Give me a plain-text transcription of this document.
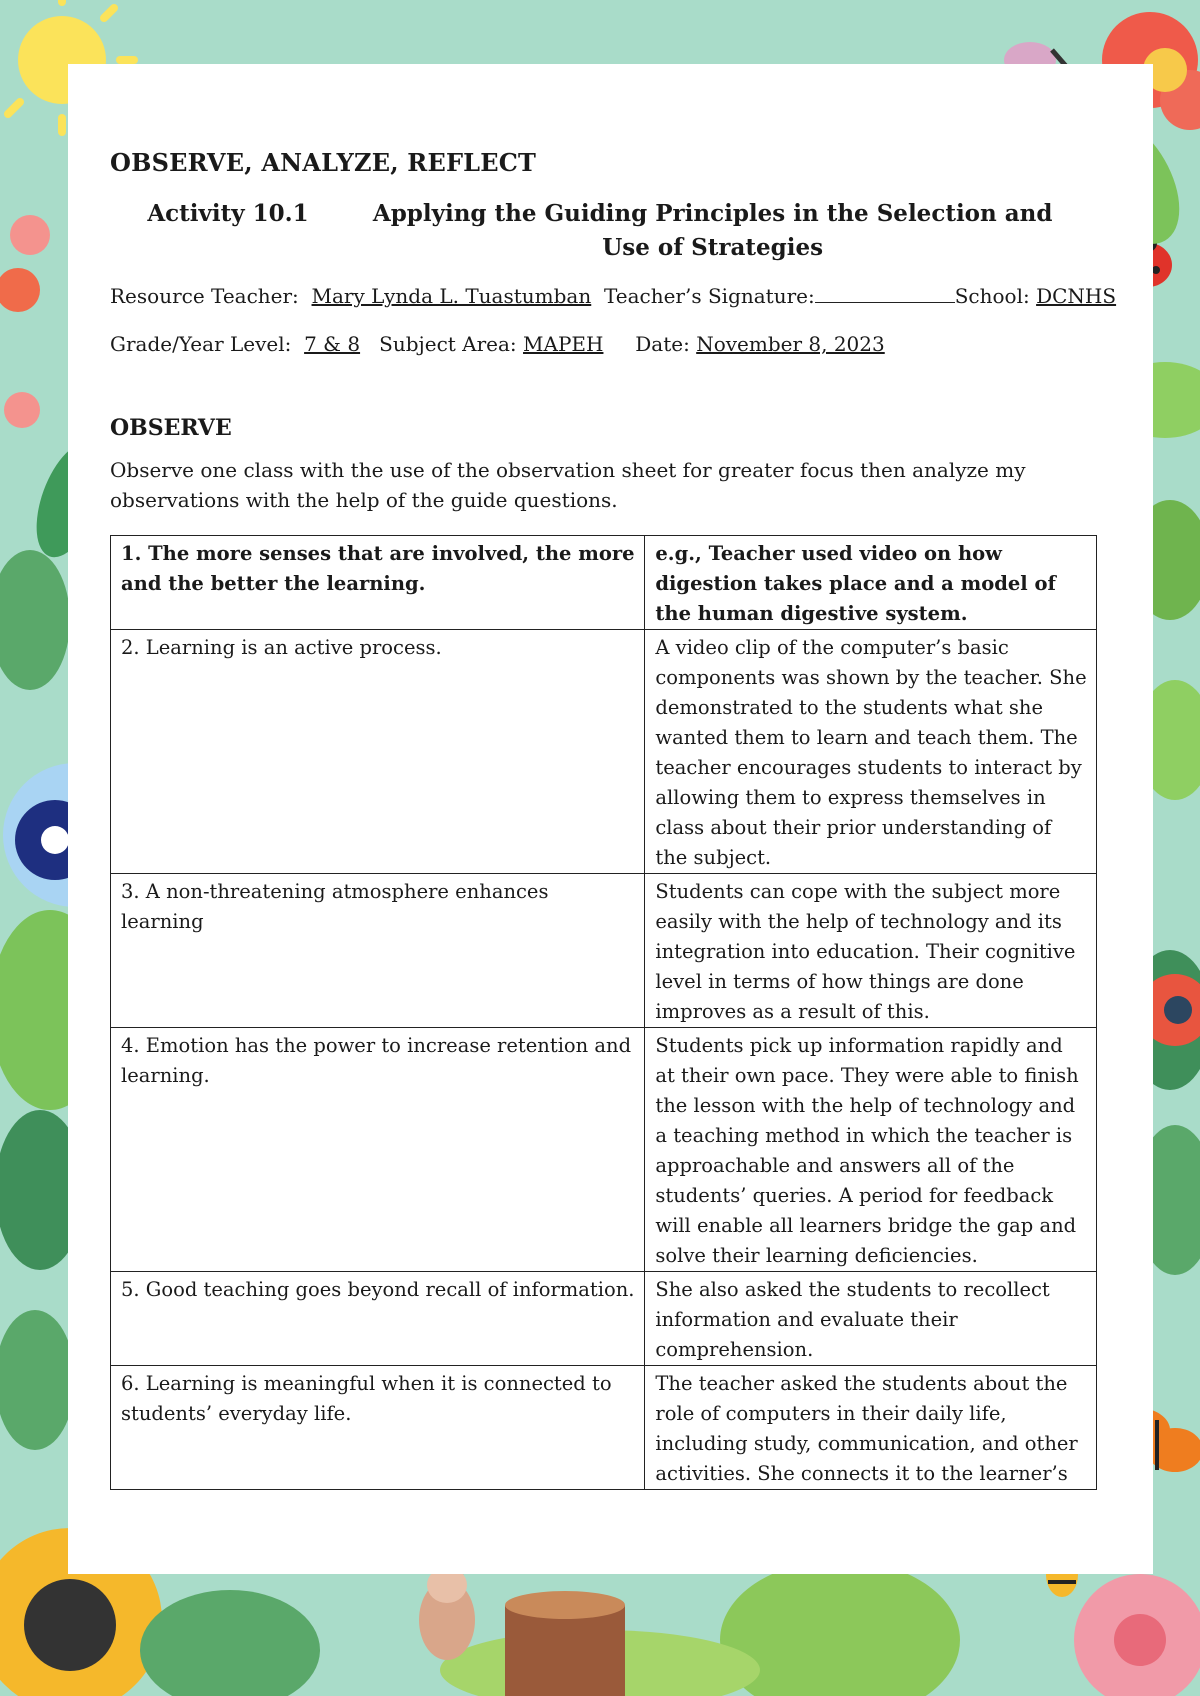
OBSERVE, ANALYZE, REFLECT
Activity 10.1	Applying the Guiding Principles in the Selection and Use of Strategies
Resource Teacher: Mary Lynda L. Tuastumban Teacher’s Signature:	School: DCNHS
Grade/Year Level: 7 & 8 Subject Area: MAPEH Date: November 8, 2023
OBSERVE
Observe one class with the use of the observation sheet for greater focus then analyze my observations with the help of the guide questions.
1. The more senses that are involved, the more and the better the learning.	e.g., Teacher used video on how digestion takes place and a model of the human digestive system.
2. Learning is an active process.	A video clip of the computer’s basic components was shown by the teacher. She demonstrated to the students what she wanted them to learn and teach them. The teacher encourages students to interact by allowing them to express themselves in class about their prior understanding of the subject.
3. A non-threatening atmosphere enhances learning	Students can cope with the subject more easily with the help of technology and its integration into education. Their cognitive level in terms of how things are done improves as a result of this.
4. Emotion has the power to increase retention and learning.	Students pick up information rapidly and at their own pace. They were able to finish the lesson with the help of technology and a teaching method in which the teacher is approachable and answers all of the students’ queries. A period for feedback will enable all learners bridge the gap and solve their learning deficiencies.
5. Good teaching goes beyond recall of information.	She also asked the students to recollect information and evaluate their comprehension.
6. Learning is meaningful when it is connected to students’ everyday life.	The teacher asked the students about the role of computers in their daily life, including study, communication, and other activities. She connects it to the learner’s
